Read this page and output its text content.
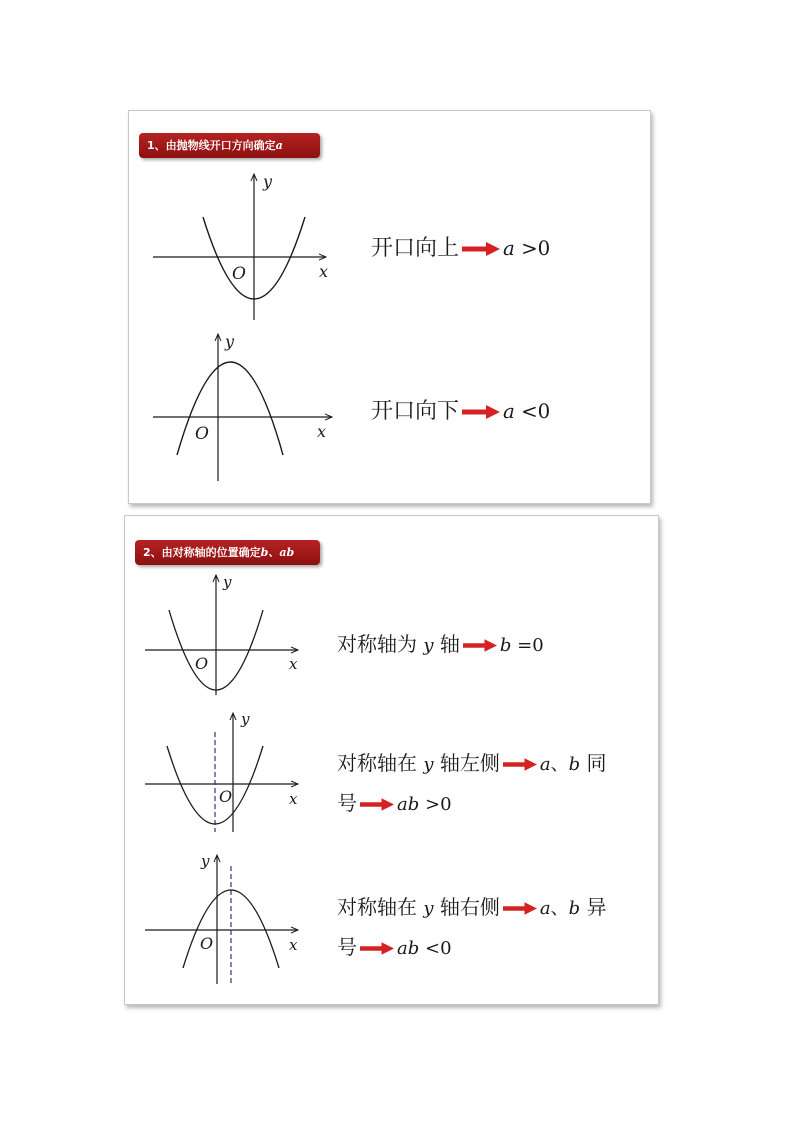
1、由抛物线开口方向确定a
y
x
O
开口向上 a >0
y
x
O
开口向下 a <0
2、由对称轴的位置确定b、ab
y
x
O
对称轴为 y 轴 b =0
y
x
O
对称轴在 y 轴左侧 a、b 同
号 ab >0
y
x
O
对称轴在 y 轴右侧 a、b 异
号 ab <0
